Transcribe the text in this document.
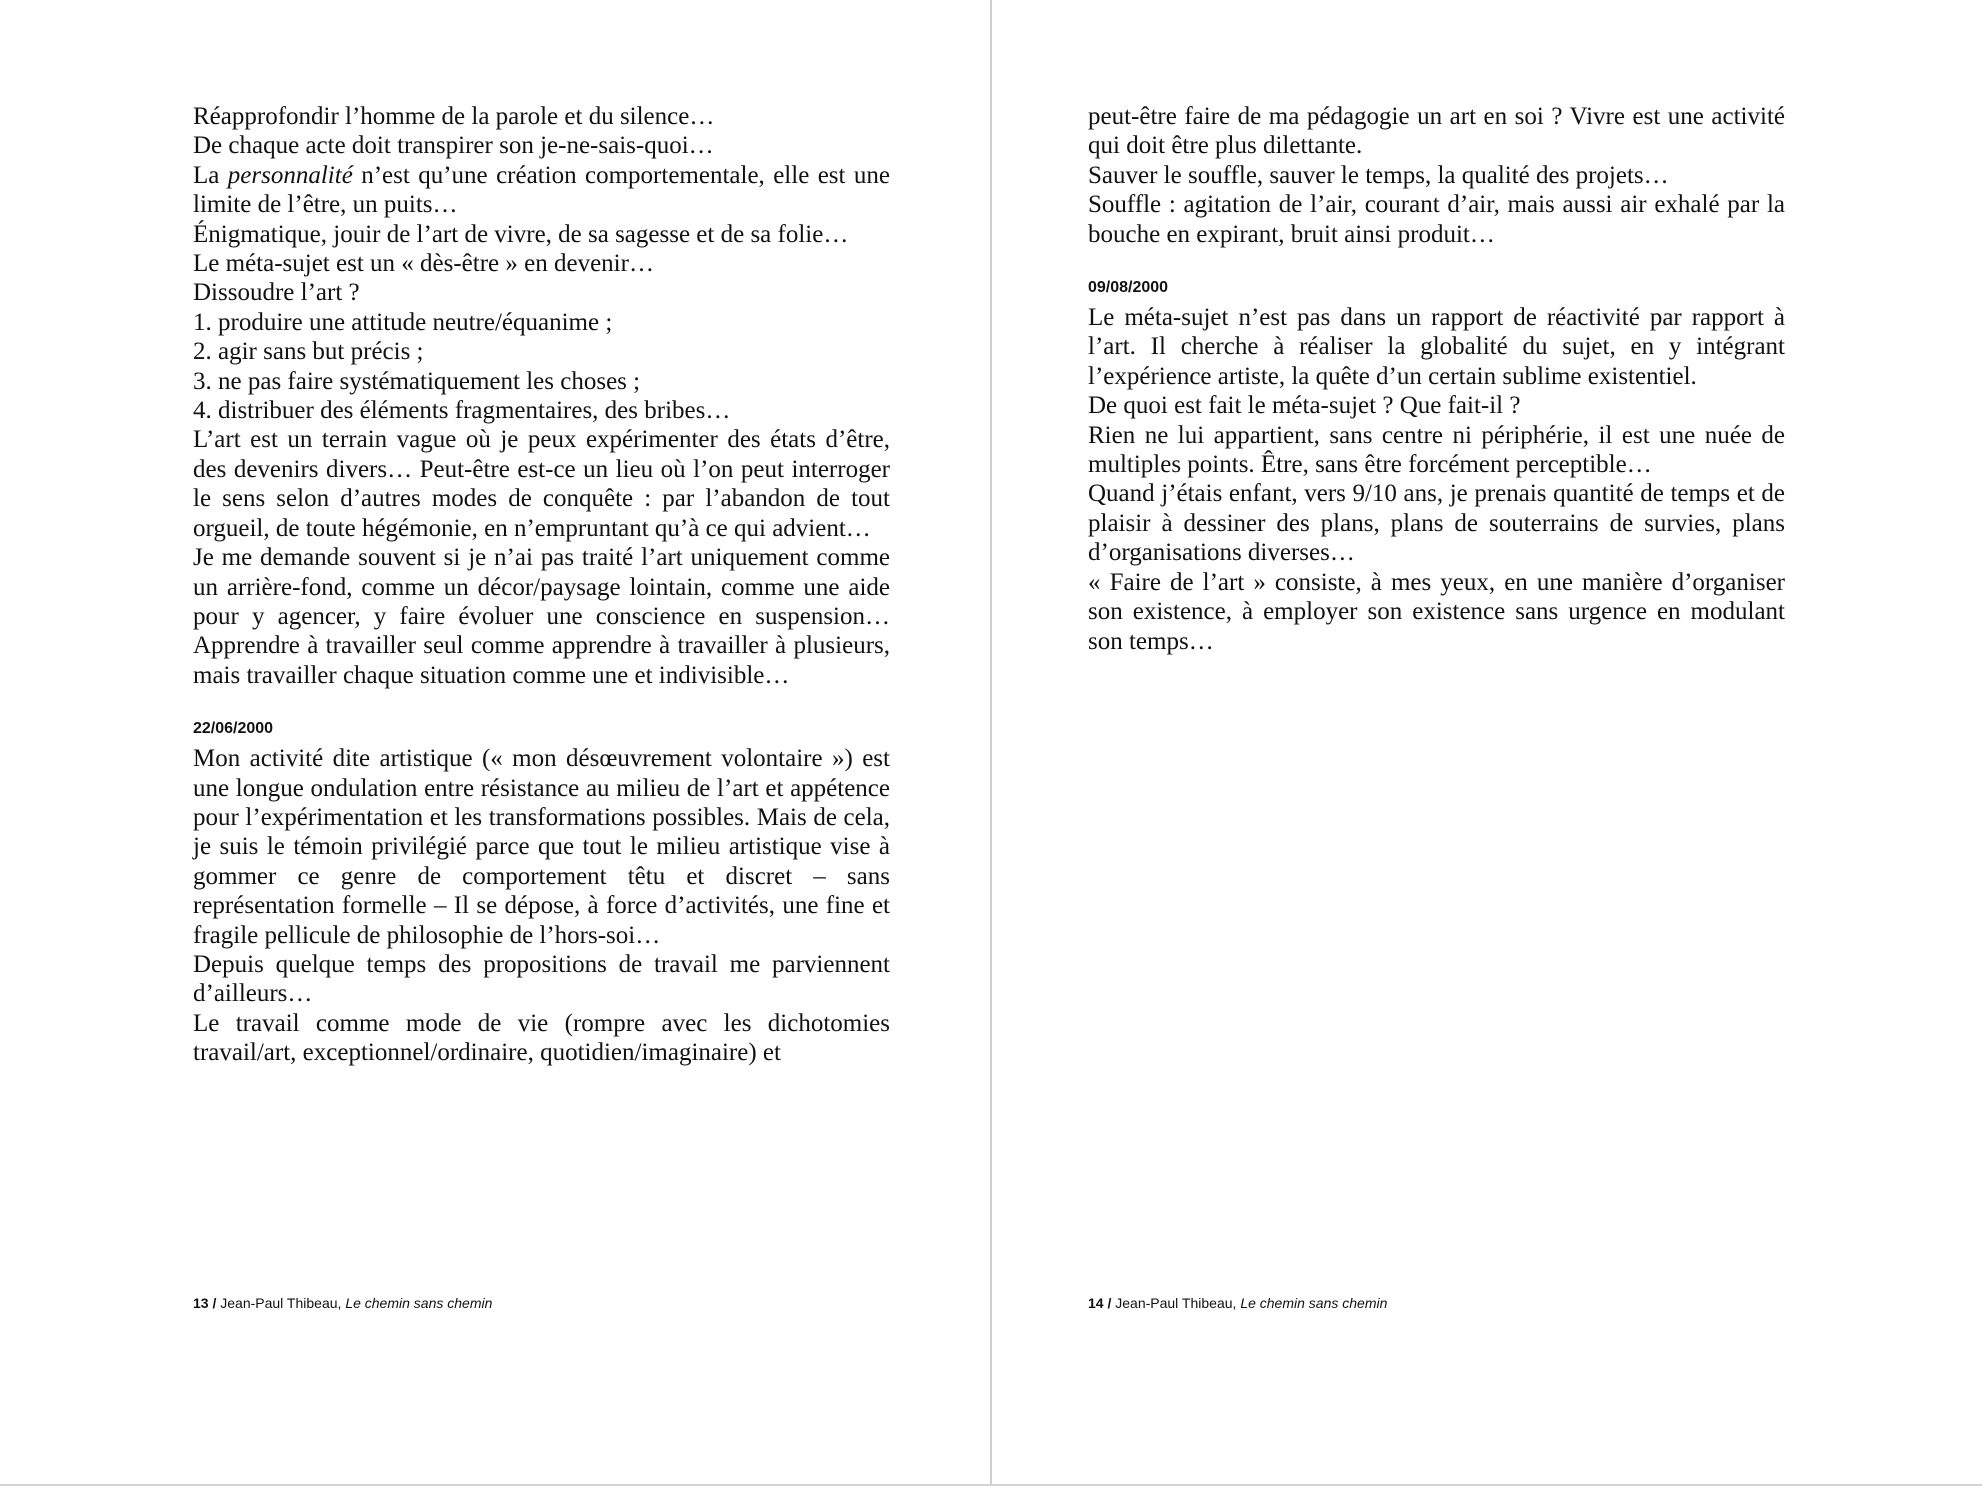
Réapprofondir l’homme de la parole et du silence…

De chaque acte doit transpirer son je-ne-sais-quoi…

La personnalité n’est qu’une création comportementale, elle est une limite de l’être, un puits…

Énigmatique, jouir de l’art de vivre, de sa sagesse et de sa folie…

Le méta-sujet est un « dès-être » en devenir…

Dissoudre l’art ?

1. produire une attitude neutre/équanime ;

2. agir sans but précis ;

3. ne pas faire systématiquement les choses ;

4. distribuer des éléments fragmentaires, des bribes…

L’art est un terrain vague où je peux expérimenter des états d’être, des devenirs divers… Peut-être est-ce un lieu où l’on peut interroger le sens selon d’autres modes de conquête : par l’abandon de tout orgueil, de toute hégémonie, en n’empruntant qu’à ce qui advient…

Je me demande souvent si je n’ai pas traité l’art uniquement comme un arrière-fond, comme un décor/paysage lointain, comme une aide pour y agencer, y faire évoluer une conscience en suspension… Apprendre à travailler seul comme apprendre à travailler à plusieurs, mais travailler chaque situation comme une et indivisible…

22/06/2000

Mon activité dite artistique (« mon désœuvrement volontaire ») est une longue ondulation entre résistance au milieu de l’art et appétence pour l’expérimentation et les transformations possibles. Mais de cela, je suis le témoin privilégié parce que tout le milieu artistique vise à gommer ce genre de comportement têtu et discret – sans représentation formelle – Il se dépose, à force d’activités, une fine et fragile pellicule de philosophie de l’hors-soi…

Depuis quelque temps des propositions de travail me parviennent d’ailleurs…

Le travail comme mode de vie (rompre avec les dichotomies travail/art, exceptionnel/ordinaire, quotidien/imaginaire) et

13 / Jean-Paul Thibeau, Le chemin sans chemin

peut-être faire de ma pédagogie un art en soi ? Vivre est une activité qui doit être plus dilettante.

Sauver le souffle, sauver le temps, la qualité des projets…

Souffle : agitation de l’air, courant d’air, mais aussi air exhalé par la bouche en expirant, bruit ainsi produit…

09/08/2000

Le méta-sujet n’est pas dans un rapport de réactivité par rapport à l’art. Il cherche à réaliser la globalité du sujet, en y intégrant l’expérience artiste, la quête d’un certain sublime existentiel.

De quoi est fait le méta-sujet ? Que fait-il ?

Rien ne lui appartient, sans centre ni périphérie, il est une nuée de multiples points. Être, sans être forcément perceptible…

Quand j’étais enfant, vers 9/10 ans, je prenais quantité de temps et de plaisir à dessiner des plans, plans de souterrains de survies, plans d’organisations diverses…

« Faire de l’art » consiste, à mes yeux, en une manière d’organiser son existence, à employer son existence sans urgence en modulant son temps…

14 / Jean-Paul Thibeau, Le chemin sans chemin
